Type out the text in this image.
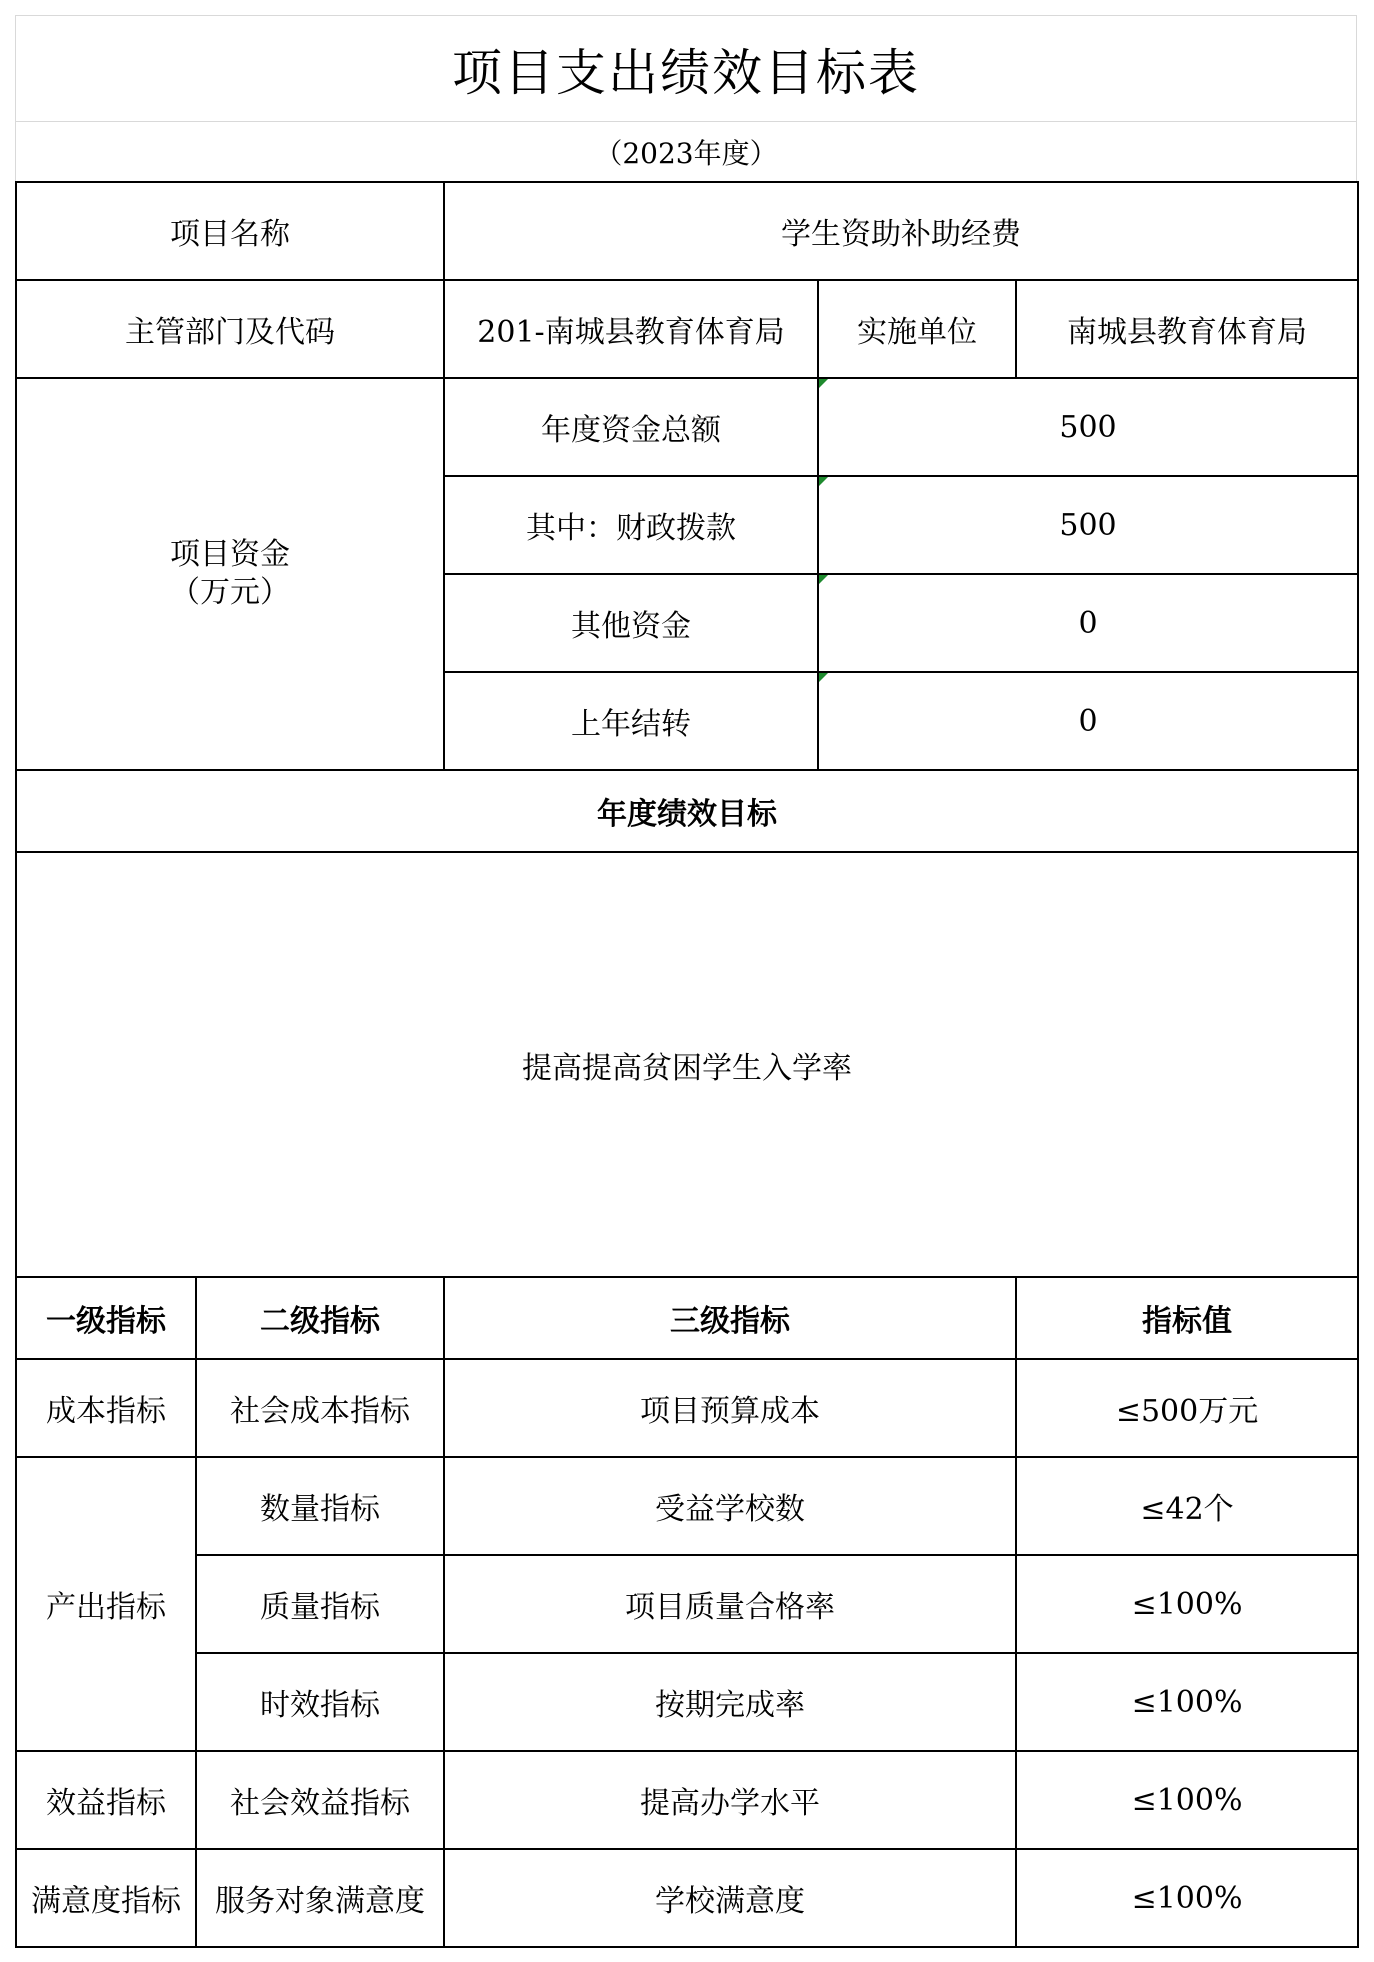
项目支出绩效目标表
（2023年度）
项目名称		学生资助补助经费		
主管部门及代码		201-南城县教育体育局	实施单位	南城县教育体育局

项目资金
（万元）		年度资金总额	500	
		其中：财政拨款	500	
		其他资金	0	
		上年结转	0	
年度绩效目标				
提高提高贫困学生入学率				
一级指标	二级指标	三级指标		指标值
成本指标	社会成本指标	项目预算成本		≤500万元
产出指标	数量指标	受益学校数		≤42个
	质量指标	项目质量合格率		≤100%
	时效指标	按期完成率		≤100%
效益指标	社会效益指标	提高办学水平		≤100%
满意度指标	服务对象满意度	学校满意度		≤100%
